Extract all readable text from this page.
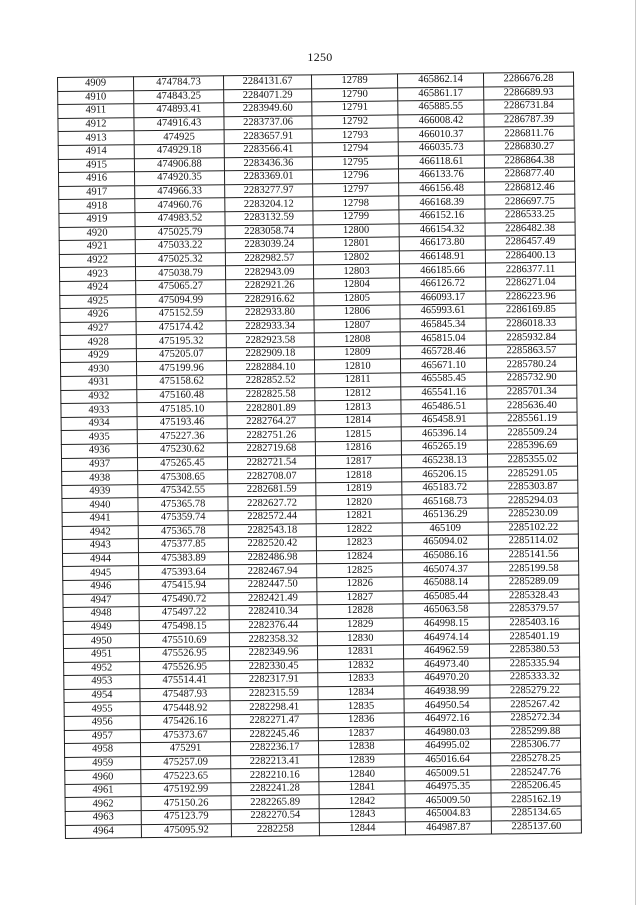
1250
4909	474784.73	2284131.67	12789	465862.14	2286676.28
4910	474843.25	2284071.29	12790	465861.17	2286689.93
4911	474893.41	2283949.60	12791	465885.55	2286731.84
4912	474916.43	2283737.06	12792	466008.42	2286787.39
4913	474925	2283657.91	12793	466010.37	2286811.76
4914	474929.18	2283566.41	12794	466035.73	2286830.27
4915	474906.88	2283436.36	12795	466118.61	2286864.38
4916	474920.35	2283369.01	12796	466133.76	2286877.40
4917	474966.33	2283277.97	12797	466156.48	2286812.46
4918	474960.76	2283204.12	12798	466168.39	2286697.75
4919	474983.52	2283132.59	12799	466152.16	2286533.25
4920	475025.79	2283058.74	12800	466154.32	2286482.38
4921	475033.22	2283039.24	12801	466173.80	2286457.49
4922	475025.32	2282982.57	12802	466148.91	2286400.13
4923	475038.79	2282943.09	12803	466185.66	2286377.11
4924	475065.27	2282921.26	12804	466126.72	2286271.04
4925	475094.99	2282916.62	12805	466093.17	2286223.96
4926	475152.59	2282933.80	12806	465993.61	2286169.85
4927	475174.42	2282933.34	12807	465845.34	2286018.33
4928	475195.32	2282923.58	12808	465815.04	2285932.84
4929	475205.07	2282909.18	12809	465728.46	2285863.57
4930	475199.96	2282884.10	12810	465671.10	2285780.24
4931	475158.62	2282852.52	12811	465585.45	2285732.90
4932	475160.48	2282825.58	12812	465541.16	2285701.34
4933	475185.10	2282801.89	12813	465486.51	2285636.40
4934	475193.46	2282764.27	12814	465458.91	2285561.19
4935	475227.36	2282751.26	12815	465396.14	2285509.24
4936	475230.62	2282719.68	12816	465265.19	2285396.69
4937	475265.45	2282721.54	12817	465238.13	2285355.02
4938	475308.65	2282708.07	12818	465206.15	2285291.05
4939	475342.55	2282681.59	12819	465183.72	2285303.87
4940	475365.78	2282627.72	12820	465168.73	2285294.03
4941	475359.74	2282572.44	12821	465136.29	2285230.09
4942	475365.78	2282543.18	12822	465109	2285102.22
4943	475377.85	2282520.42	12823	465094.02	2285114.02
4944	475383.89	2282486.98	12824	465086.16	2285141.56
4945	475393.64	2282467.94	12825	465074.37	2285199.58
4946	475415.94	2282447.50	12826	465088.14	2285289.09
4947	475490.72	2282421.49	12827	465085.44	2285328.43
4948	475497.22	2282410.34	12828	465063.58	2285379.57
4949	475498.15	2282376.44	12829	464998.15	2285403.16
4950	475510.69	2282358.32	12830	464974.14	2285401.19
4951	475526.95	2282349.96	12831	464962.59	2285380.53
4952	475526.95	2282330.45	12832	464973.40	2285335.94
4953	475514.41	2282317.91	12833	464970.20	2285333.32
4954	475487.93	2282315.59	12834	464938.99	2285279.22
4955	475448.92	2282298.41	12835	464950.54	2285267.42
4956	475426.16	2282271.47	12836	464972.16	2285272.34
4957	475373.67	2282245.46	12837	464980.03	2285299.88
4958	475291	2282236.17	12838	464995.02	2285306.77
4959	475257.09	2282213.41	12839	465016.64	2285278.25
4960	475223.65	2282210.16	12840	465009.51	2285247.76
4961	475192.99	2282241.28	12841	464975.35	2285206.45
4962	475150.26	2282265.89	12842	465009.50	2285162.19
4963	475123.79	2282270.54	12843	465004.83	2285134.65
4964	475095.92	2282258	12844	464987.87	2285137.60
